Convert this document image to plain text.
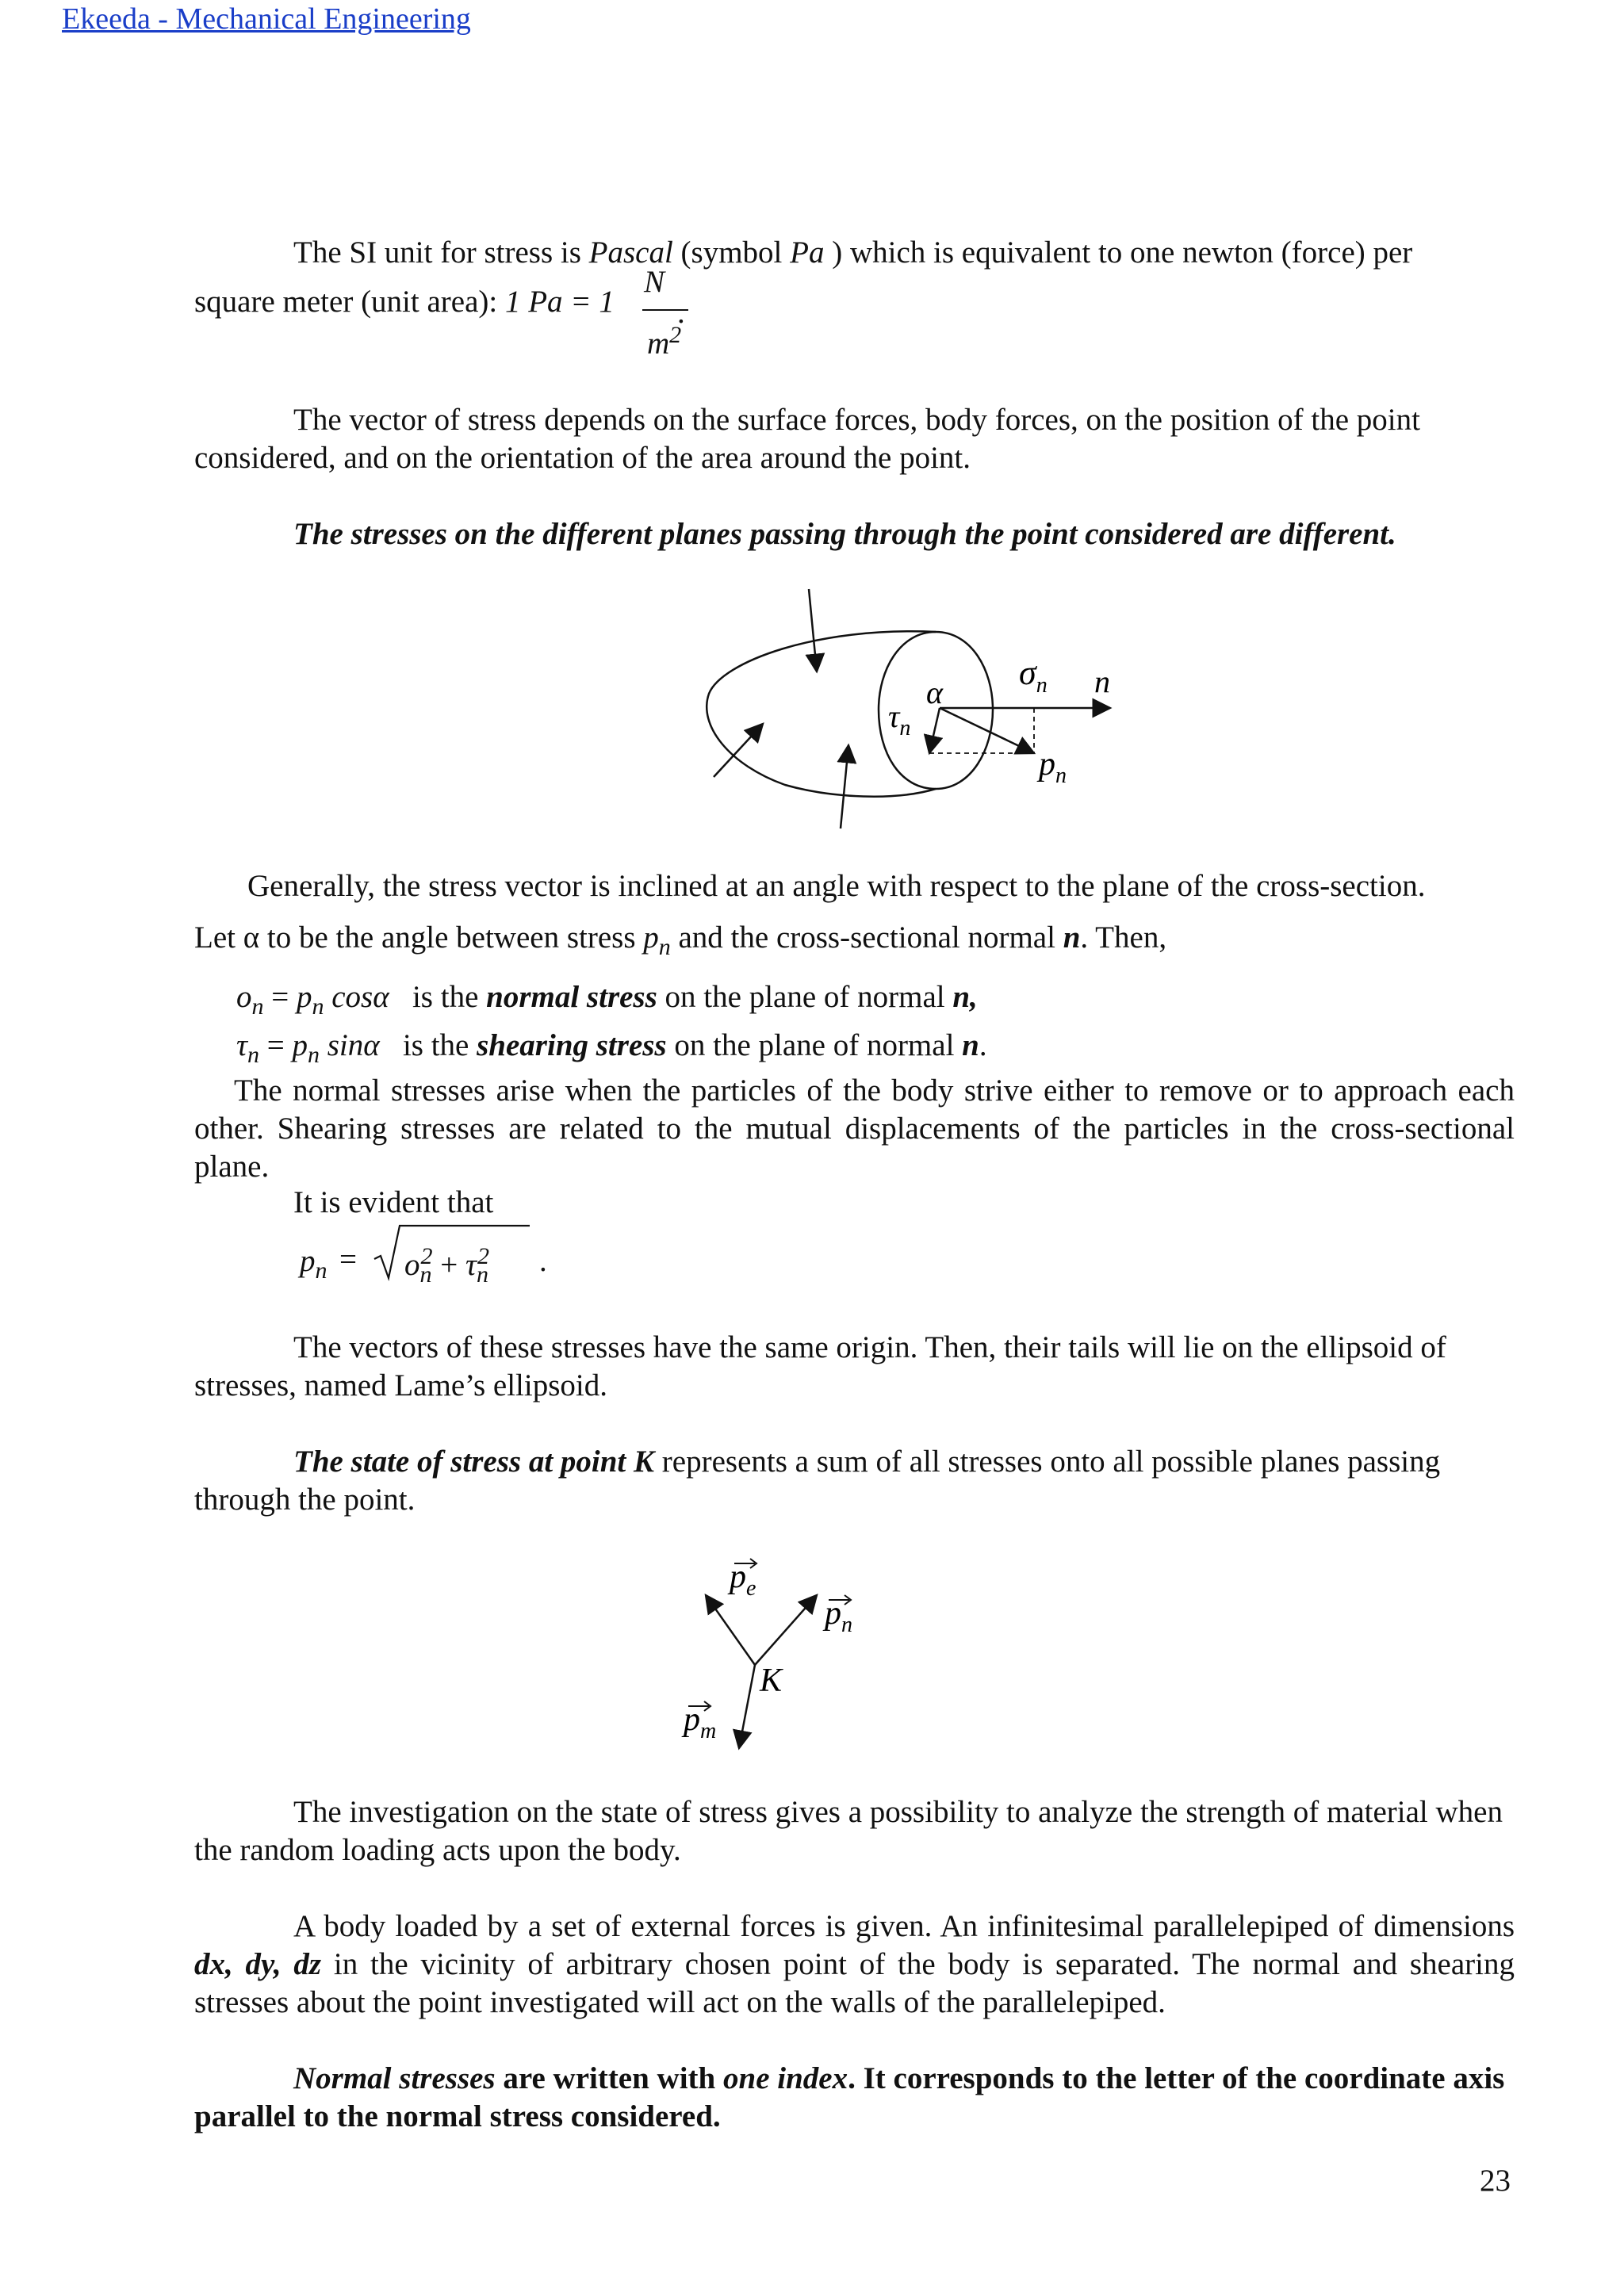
Ekeeda - Mechanical Engineering

The SI unit for stress is Pascal (symbol Pa ) which is equivalent to one newton (force) per

square meter (unit area): 1 Pa = 1
N
.
$m^2$

The vector of stress depends on the surface forces, body forces, on the position of the point considered, and on the orientation of the area around the point.

The stresses on the different planes passing through the point considered are different.

α
$\sigma_n$ n
$\tau_n$
$p_n$
Generally, the stress vector is inclined at an angle with respect to the plane of the cross-section.
Let α to be the angle between stress $p_n$ and the cross-sectional normal n. Then,
$o_n = p_n$ cosα   is the normal stress on the plane of normal n,
$\tau_n = p_n$ sinα   is the shearing stress on the plane of normal n.

The normal stresses arise when the particles of the body strive either to remove or to approach each other. Shearing stresses are related to the mutual displacements of the particles in the cross-sectional plane.

It is evident that
$p_n = o_n^2 + \tau_n^2$ .

The vectors of these stresses have the same origin. Then, their tails will lie on the ellipsoid of stresses, named Lame’s ellipsoid.

The state of stress at point K represents a sum of all stresses onto all possible planes passing through the point.

$p_e$
$p_n$
K
$p_m$

The investigation on the state of stress gives a possibility to analyze the strength of material when the random loading acts upon the body.

A body loaded by a set of external forces is given. An infinitesimal parallelepiped of dimensions dx, dy, dz in the vicinity of arbitrary chosen point of the body is separated. The normal and shearing stresses about the point investigated will act on the walls of the parallelepiped.

Normal stresses are written with one index. It corresponds to the letter of the coordinate axis parallel to the normal stress considered.

23
